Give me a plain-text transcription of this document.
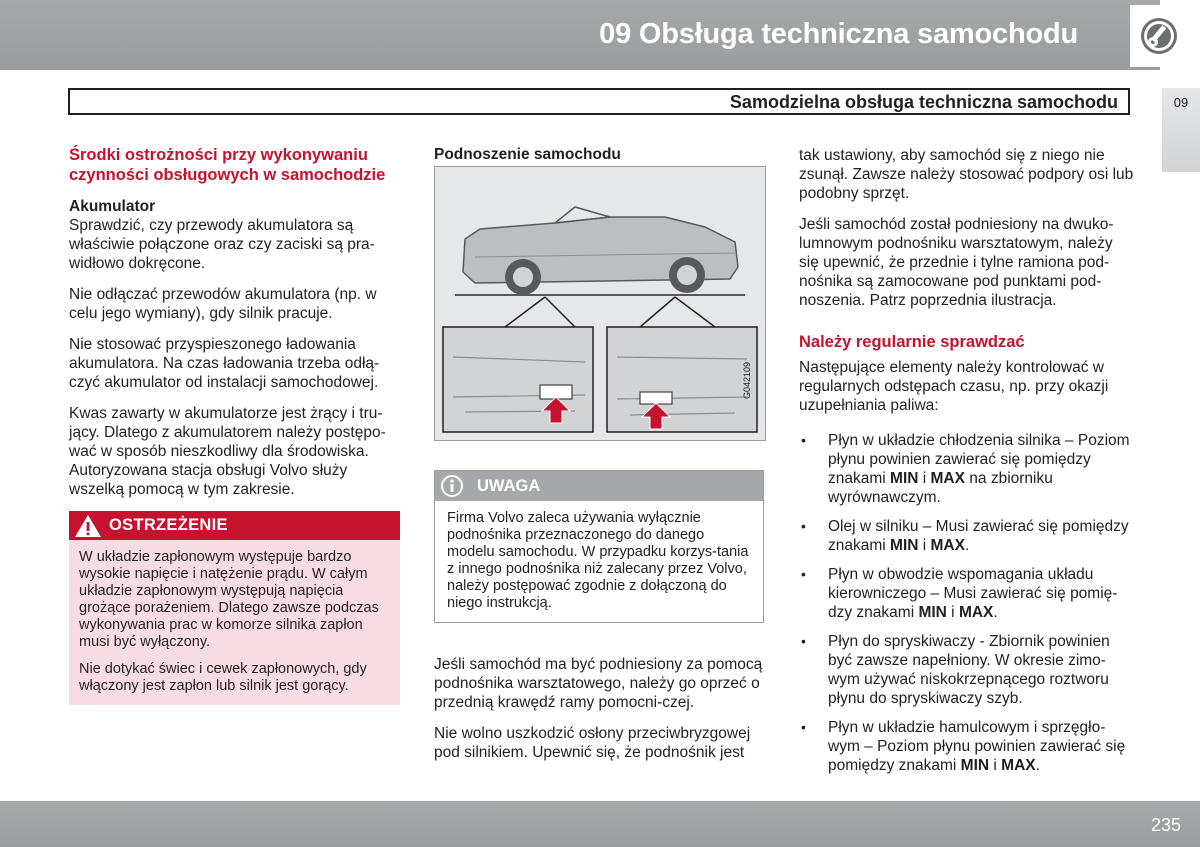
09 Obsługa techniczna samochodu
Samodzielna obsługa techniczna samochodu	09
Środki ostrożności przy wykonywaniu czynności obsługowych w samochodzie
Akumulator

Sprawdzić, czy przewody akumulatora są właściwie połączone oraz czy zaciski są pra-widłowo dokręcone.

Nie odłączać przewodów akumulatora (np. w celu jego wymiany), gdy silnik pracuje.

Nie stosować przyspieszonego ładowania akumulatora. Na czas ładowania trzeba odłą-czyć akumulator od instalacji samochodowej.

Kwas zawarty w akumulatorze jest żrący i tru-jący. Dlatego z akumulatorem należy postępo-wać w sposób nieszkodliwy dla środowiska. Autoryzowana stacja obsługi Volvo służy wszelką pomocą w tym zakresie.

OSTRZEŻENIE

W układzie zapłonowym występuje bardzo wysokie napięcie i natężenie prądu. W całym układzie zapłonowym występują napięcia grożące porażeniem. Dlatego zawsze podczas wykonywania prac w komorze silnika zapłon musi być wyłączony.

Nie dotykać świec i cewek zapłonowych, gdy włączony jest zapłon lub silnik jest gorący.

Podnoszenie samochodu
G042109
UWAGA
Firma Volvo zaleca używania wyłącznie podnośnika przeznaczonego do danego modelu samochodu. W przypadku korzys-tania z innego podnośnika niż zalecany przez Volvo, należy postępować zgodnie z dołączoną do niego instrukcją.

Jeśli samochód ma być podniesiony za pomocą podnośnika warsztatowego, należy go oprzeć o przednią krawędź ramy pomocni-czej.

Nie wolno uszkodzić osłony przeciwbryzgowej pod silnikiem. Upewnić się, że podnośnik jest

tak ustawiony, aby samochód się z niego nie zsunął. Zawsze należy stosować podpory osi lub podobny sprzęt.

Jeśli samochód został podniesiony na dwuko-lumnowym podnośniku warsztatowym, należy się upewnić, że przednie i tylne ramiona pod-nośnika są zamocowane pod punktami pod-noszenia. Patrz poprzednia ilustracja.

Należy regularnie sprawdzać

Następujące elementy należy kontrolować w regularnych odstępach czasu, np. przy okazji uzupełniania paliwa:

• Płyn w układzie chłodzenia silnika – Poziom płynu powinien zawierać się pomiędzy znakami MIN i MAX na zbiorniku wyrównawczym.
• Olej w silniku – Musi zawierać się pomiędzy znakami MIN i MAX.
• Płyn w obwodzie wspomagania układu kierowniczego – Musi zawierać się pomię-dzy znakami MIN i MAX.
• Płyn do spryskiwaczy - Zbiornik powinien być zawsze napełniony. W okresie zimo-wym używać niskokrzepnącego roztworu płynu do spryskiwaczy szyb.
• Płyn w układzie hamulcowym i sprzęgło-wym – Poziom płynu powinien zawierać się pomiędzy znakami MIN i MAX.
235
